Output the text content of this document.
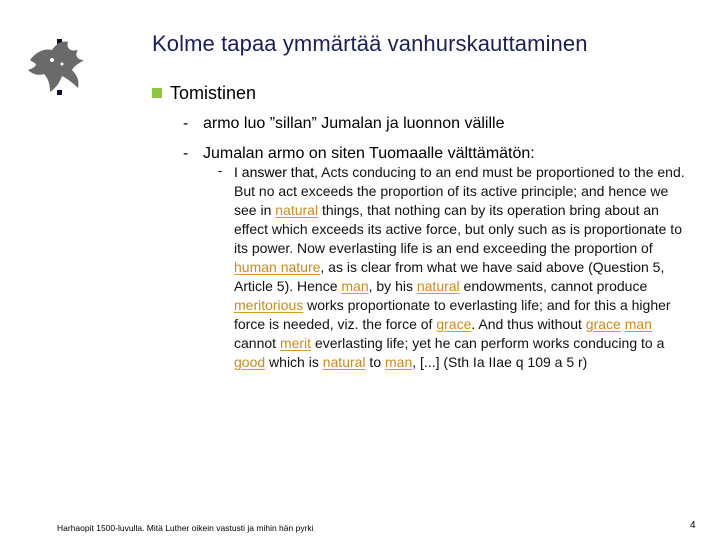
Kolme tapaa ymmärtää vanhurskauttaminen
Tomistinen
- armo luo ”sillan” Jumalan ja luonnon välille
- Jumalan armo on siten Tuomaalle välttämätön:
- I answer that, Acts conducing to an end must be proportioned to the end. But no act exceeds the proportion of its active principle; and hence we see in natural things, that nothing can by its operation bring about an effect which exceeds its active force, but only such as is proportionate to its power. Now everlasting life is an end exceeding the proportion of human nature, as is clear from what we have said above (Question 5, Article 5). Hence man, by his natural endowments, cannot produce meritorious works proportionate to everlasting life; and for this a higher force is needed, viz. the force of grace. And thus without grace man cannot merit everlasting life; yet he can perform works conducing to a good which is natural to man, [...] (Sth Ia IIae q 109 a 5 r)
Harhaopit 1500-luvulla. Mitä Luther oikein vastusti ja mihin hän pyrki	4
